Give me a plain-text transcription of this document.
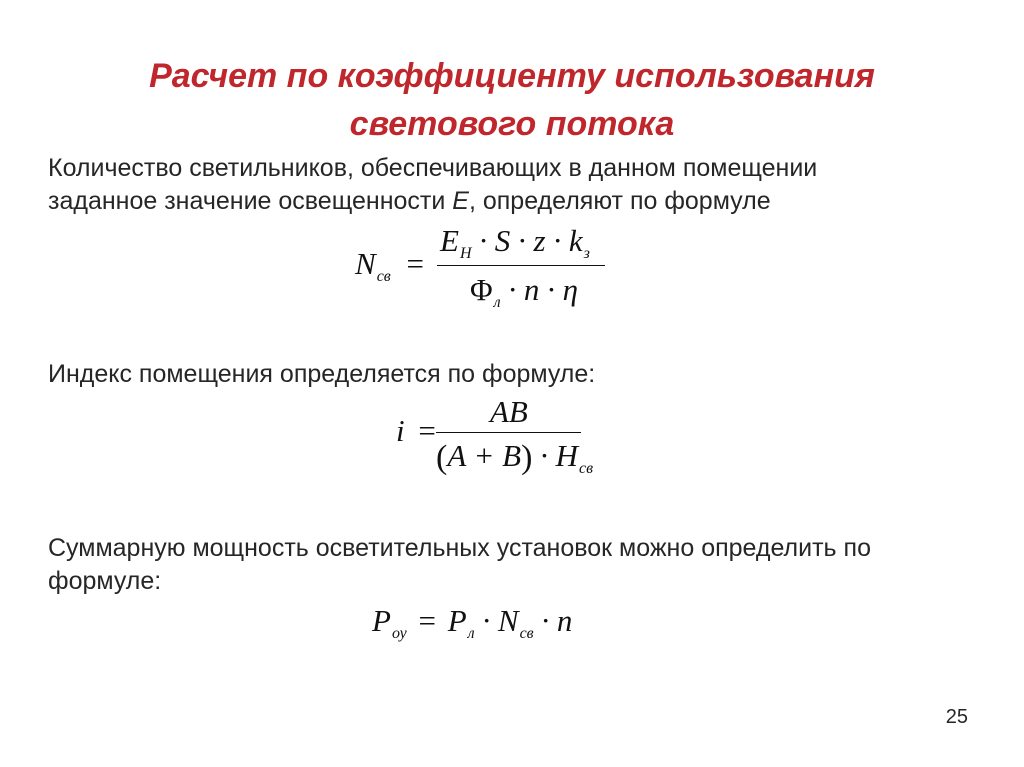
Расчет по коэффициенту использования
светового потока
Количество светильников, обеспечивающих в данном помещении
заданное значение освещенности E, определяют по формуле
$N_{св}$ =
$E_H \cdot S \cdot z \cdot k_з$
$\Phi_л \cdot n \cdot \eta$
Индекс помещения определяется по формуле:
i =
AB
$(A + B) \cdot H_{св}$
Суммарную мощность осветительных установок можно определить по
формуле:
$P_{оу} = P_л \cdot N_{св} \cdot n$
25
